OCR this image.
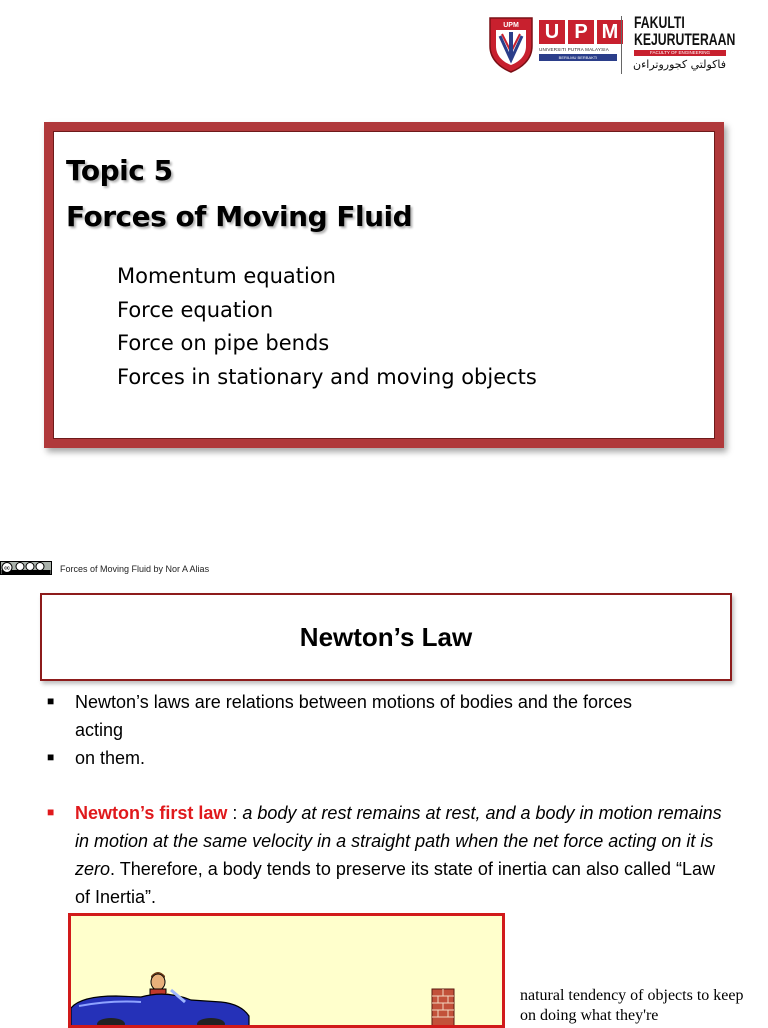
UPM U P M
UNIVERSITI PUTRA MALAYSIA
BERILMU BERBAKTI
FAKULTI
KEJURUTERAAN
FACULTY OF ENGINEERING
فاكولتي كجوروتراءن
Topic 5
Forces of Moving Fluid
Momentum equation
Force equation
Force on pipe bends
Forces in stationary and moving objects
cc	Forces of Moving Fluid by Nor A Alias
Newton’s Law
■ Newton’s laws are relations between motions of bodies and the forces
acting
■ on them.
■ Newton’s first law : a body at rest remains at rest, and a body in motion remains in motion at the same velocity in a straight path when the net force acting on it is zero. Therefore, a body tends to preserve its state of inertia can also called “Law of Inertia”.
natural tendency of objects to keep on doing what they're
